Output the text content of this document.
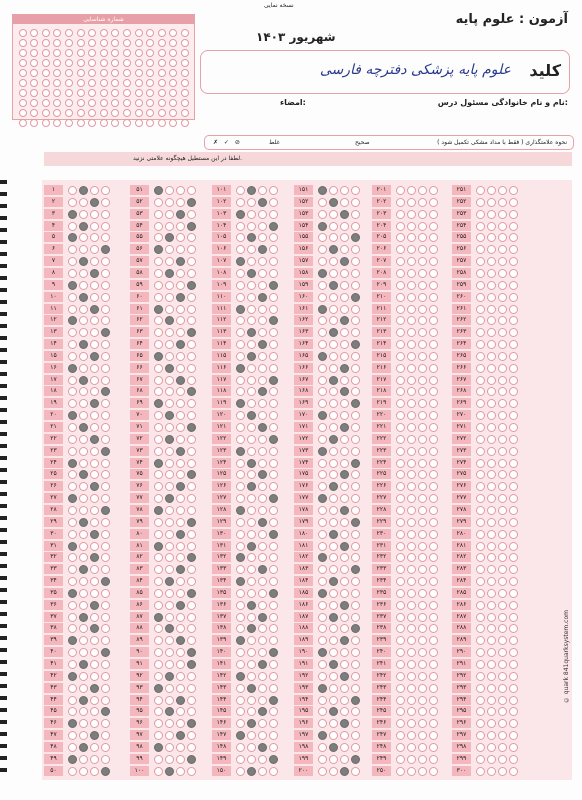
نسخه نمایی
شماره شناسایی	آزمون : علوم پایه
شهریور ۱۴۰۳
کلید
علوم پایه پزشکی دفترچه فارسی
نام و نام خانوادگی مسئول درس:
امضاء:
نحوه علامتگذاری ( فقط با مداد مشکی تکمیل شود )
صحیح
غلط
✗ ✓ ⊘
لطفا در این مستطیل هیچگونه علامتی نزنید.
۱
۲
۳
۴
۵
۶
۷
۸
۹
۱۰
۱۱
۱۲
۱۳
۱۴
۱۵
۱۶
۱۷
۱۸
۱۹
۲۰
۲۱
۲۲
۲۳
۲۴
۲۵
۲۶
۲۷
۲۸
۲۹
۳۰
۳۱
۳۲
۳۳
۳۴
۳۵
۳۶
۳۷
۳۸
۳۹
۴۰
۴۱
۴۲
۴۳
۴۴
۴۵
۴۶
۴۷
۴۸
۴۹
۵۰
۵۱
۵۲
۵۳
۵۴
۵۵
۵۶
۵۷
۵۸
۵۹
۶۰
۶۱
۶۲
۶۳
۶۴
۶۵
۶۶
۶۷
۶۸
۶۹
۷۰
۷۱
۷۲
۷۳
۷۴
۷۵
۷۶
۷۷
۷۸
۷۹
۸۰
۸۱
۸۲
۸۳
۸۴
۸۵
۸۶
۸۷
۸۸
۸۹
۹۰
۹۱
۹۲
۹۳
۹۴
۹۵
۹۶
۹۷
۹۸
۹۹
۱۰۰
۱۰۱
۱۰۲
۱۰۳
۱۰۴
۱۰۵
۱۰۶
۱۰۷
۱۰۸
۱۰۹
۱۱۰
۱۱۱
۱۱۲
۱۱۳
۱۱۴
۱۱۵
۱۱۶
۱۱۷
۱۱۸
۱۱۹
۱۲۰
۱۲۱
۱۲۲
۱۲۳
۱۲۴
۱۲۵
۱۲۶
۱۲۷
۱۲۸
۱۲۹
۱۳۰
۱۳۱
۱۳۲
۱۳۳
۱۳۴
۱۳۵
۱۳۶
۱۳۷
۱۳۸
۱۳۹
۱۴۰
۱۴۱
۱۴۲
۱۴۳
۱۴۴
۱۴۵
۱۴۶
۱۴۷
۱۴۸
۱۴۹
۱۵۰
۱۵۱
۱۵۲
۱۵۳
۱۵۴
۱۵۵
۱۵۶
۱۵۷
۱۵۸
۱۵۹
۱۶۰
۱۶۱
۱۶۲
۱۶۳
۱۶۴
۱۶۵
۱۶۶
۱۶۷
۱۶۸
۱۶۹
۱۷۰
۱۷۱
۱۷۲
۱۷۳
۱۷۴
۱۷۵
۱۷۶
۱۷۷
۱۷۸
۱۷۹
۱۸۰
۱۸۱
۱۸۲
۱۸۳
۱۸۴
۱۸۵
۱۸۶
۱۸۷
۱۸۸
۱۸۹
۱۹۰
۱۹۱
۱۹۲
۱۹۳
۱۹۴
۱۹۵
۱۹۶
۱۹۷
۱۹۸
۱۹۹
۲۰۰
۲۰۱
۲۰۲
۲۰۳
۲۰۴
۲۰۵
۲۰۶
۲۰۷
۲۰۸
۲۰۹
۲۱۰
۲۱۱
۲۱۲
۲۱۳
۲۱۴
۲۱۵
۲۱۶
۲۱۷
۲۱۸
۲۱۹
۲۲۰
۲۲۱
۲۲۲
۲۲۳
۲۲۴
۲۲۵
۲۲۶
۲۲۷
۲۲۸
۲۲۹
۲۳۰
۲۳۱
۲۳۲
۲۳۳
۲۳۴
۲۳۵
۲۳۶
۲۳۷
۲۳۸
۲۳۹
۲۴۰
۲۴۱
۲۴۲
۲۴۳
۲۴۴
۲۴۵
۲۴۶
۲۴۷
۲۴۸
۲۴۹
۲۵۰
۲۵۱
۲۵۲
۲۵۳
۲۵۴
۲۵۵
۲۵۶
۲۵۷
۲۵۸
۲۵۹
۲۶۰
۲۶۱
۲۶۲
۲۶۳
۲۶۴
۲۶۵
۲۶۶
۲۶۷
۲۶۸
۲۶۹
۲۷۰
۲۷۱
۲۷۲
۲۷۳
۲۷۴
۲۷۵
۲۷۶
۲۷۷
۲۷۸
۲۷۹
۲۸۰
۲۸۱
۲۸۲
۲۸۳
۲۸۴
۲۸۵
۲۸۶
۲۸۷
۲۸۸
۲۸۹
۲۹۰
۲۹۱
۲۹۲
۲۹۳
۲۹۴
۲۹۵
۲۹۶
۲۹۷
۲۹۸
۲۹۹
۳۰۰
© quark 841quarksystem.com
